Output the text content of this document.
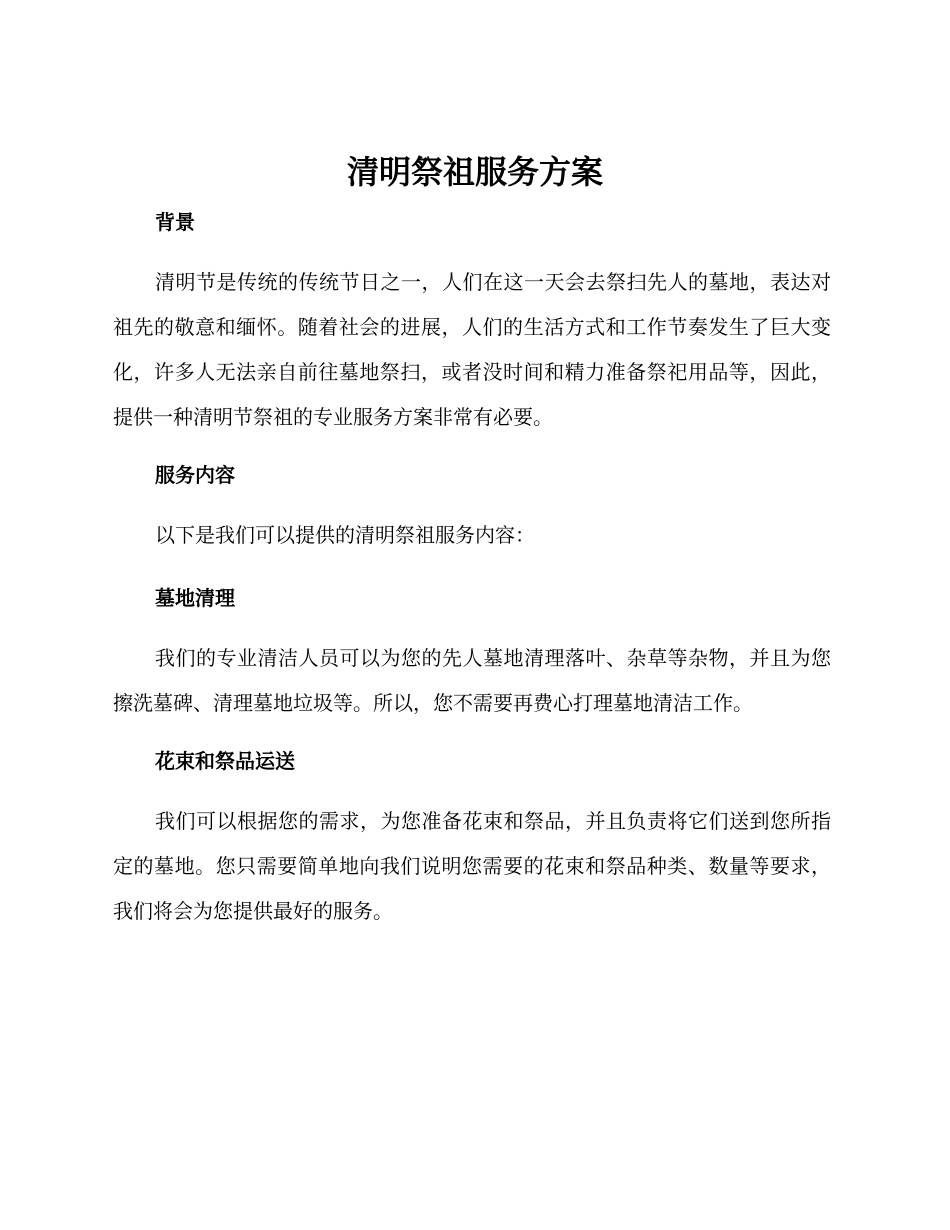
清明祭祖服务方案
背景

清明节是传统的传统节日之一，人们在这一天会去祭扫先人的墓地，表达对祖先的敬意和缅怀。随着社会的进展，人们的生活方式和工作节奏发生了巨大变化，许多人无法亲自前往墓地祭扫，或者没时间和精力准备祭祀用品等，因此，提供一种清明节祭祖的专业服务方案非常有必要。

服务内容

以下是我们可以提供的清明祭祖服务内容：

墓地清理

我们的专业清洁人员可以为您的先人墓地清理落叶、杂草等杂物，并且为您擦洗墓碑、清理墓地垃圾等。所以，您不需要再费心打理墓地清洁工作。

花束和祭品运送

我们可以根据您的需求，为您准备花束和祭品，并且负责将它们送到您所指定的墓地。您只需要简单地向我们说明您需要的花束和祭品种类、数量等要求，我们将会为您提供最好的服务。
